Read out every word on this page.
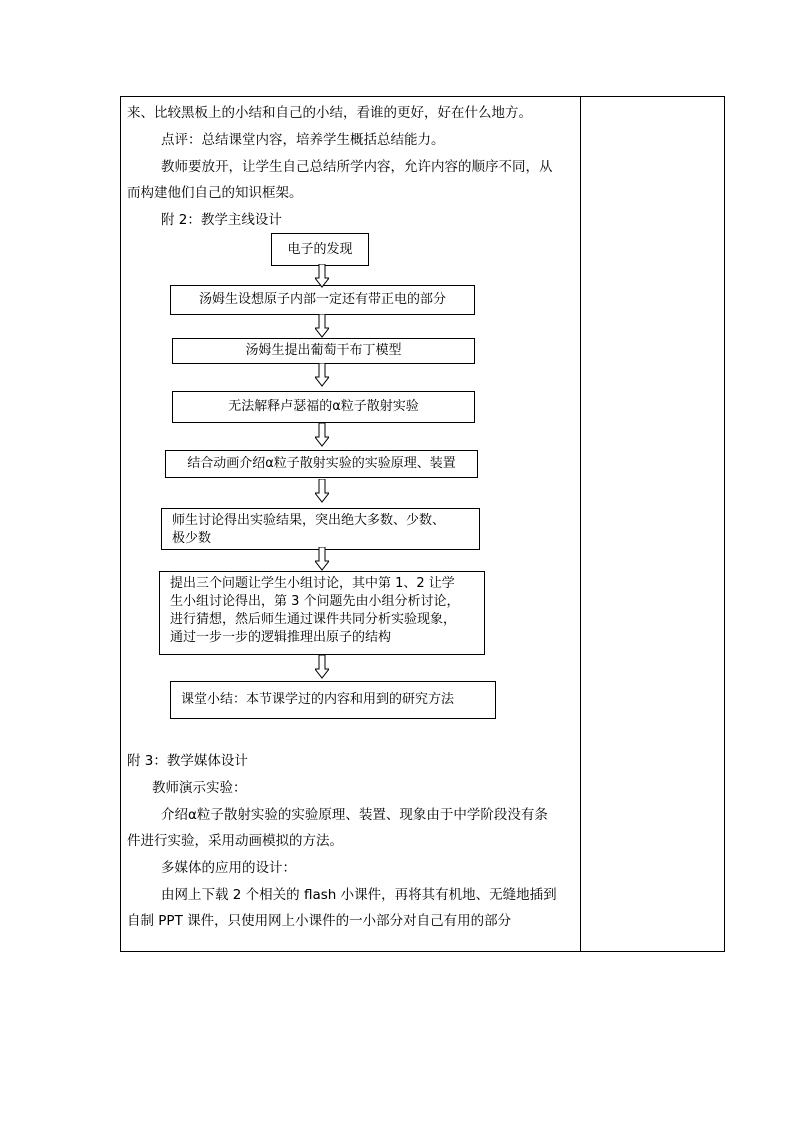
来、比较黑板上的小结和自己的小结，看谁的更好，好在什么地方。
点评：总结课堂内容，培养学生概括总结能力。
教师要放开，让学生自己总结所学内容，允许内容的顺序不同，从
而构建他们自己的知识框架。
附 2：教学主线设计
电子的发现
汤姆生设想原子内部一定还有带正电的部分
汤姆生提出葡萄干布丁模型
无法解释卢瑟福的α粒子散射实验
结合动画介绍α粒子散射实验的实验原理、装置
师生讨论得出实验结果，突出绝大多数、少数、
极少数
提出三个问题让学生小组讨论，其中第 1、2 让学
生小组讨论得出，第 3 个问题先由小组分析讨论，
进行猜想，然后师生通过课件共同分析实验现象，
通过一步一步的逻辑推理出原子的结构
课堂小结：本节课学过的内容和用到的研究方法
附 3：教学媒体设计
教师演示实验：
介绍α粒子散射实验的实验原理、装置、现象由于中学阶段没有条
件进行实验，采用动画模拟的方法。
多媒体的应用的设计：
由网上下载 2 个相关的 flash 小课件，再将其有机地、无缝地插到
自制 PPT 课件，只使用网上小课件的一小部分对自己有用的部分
